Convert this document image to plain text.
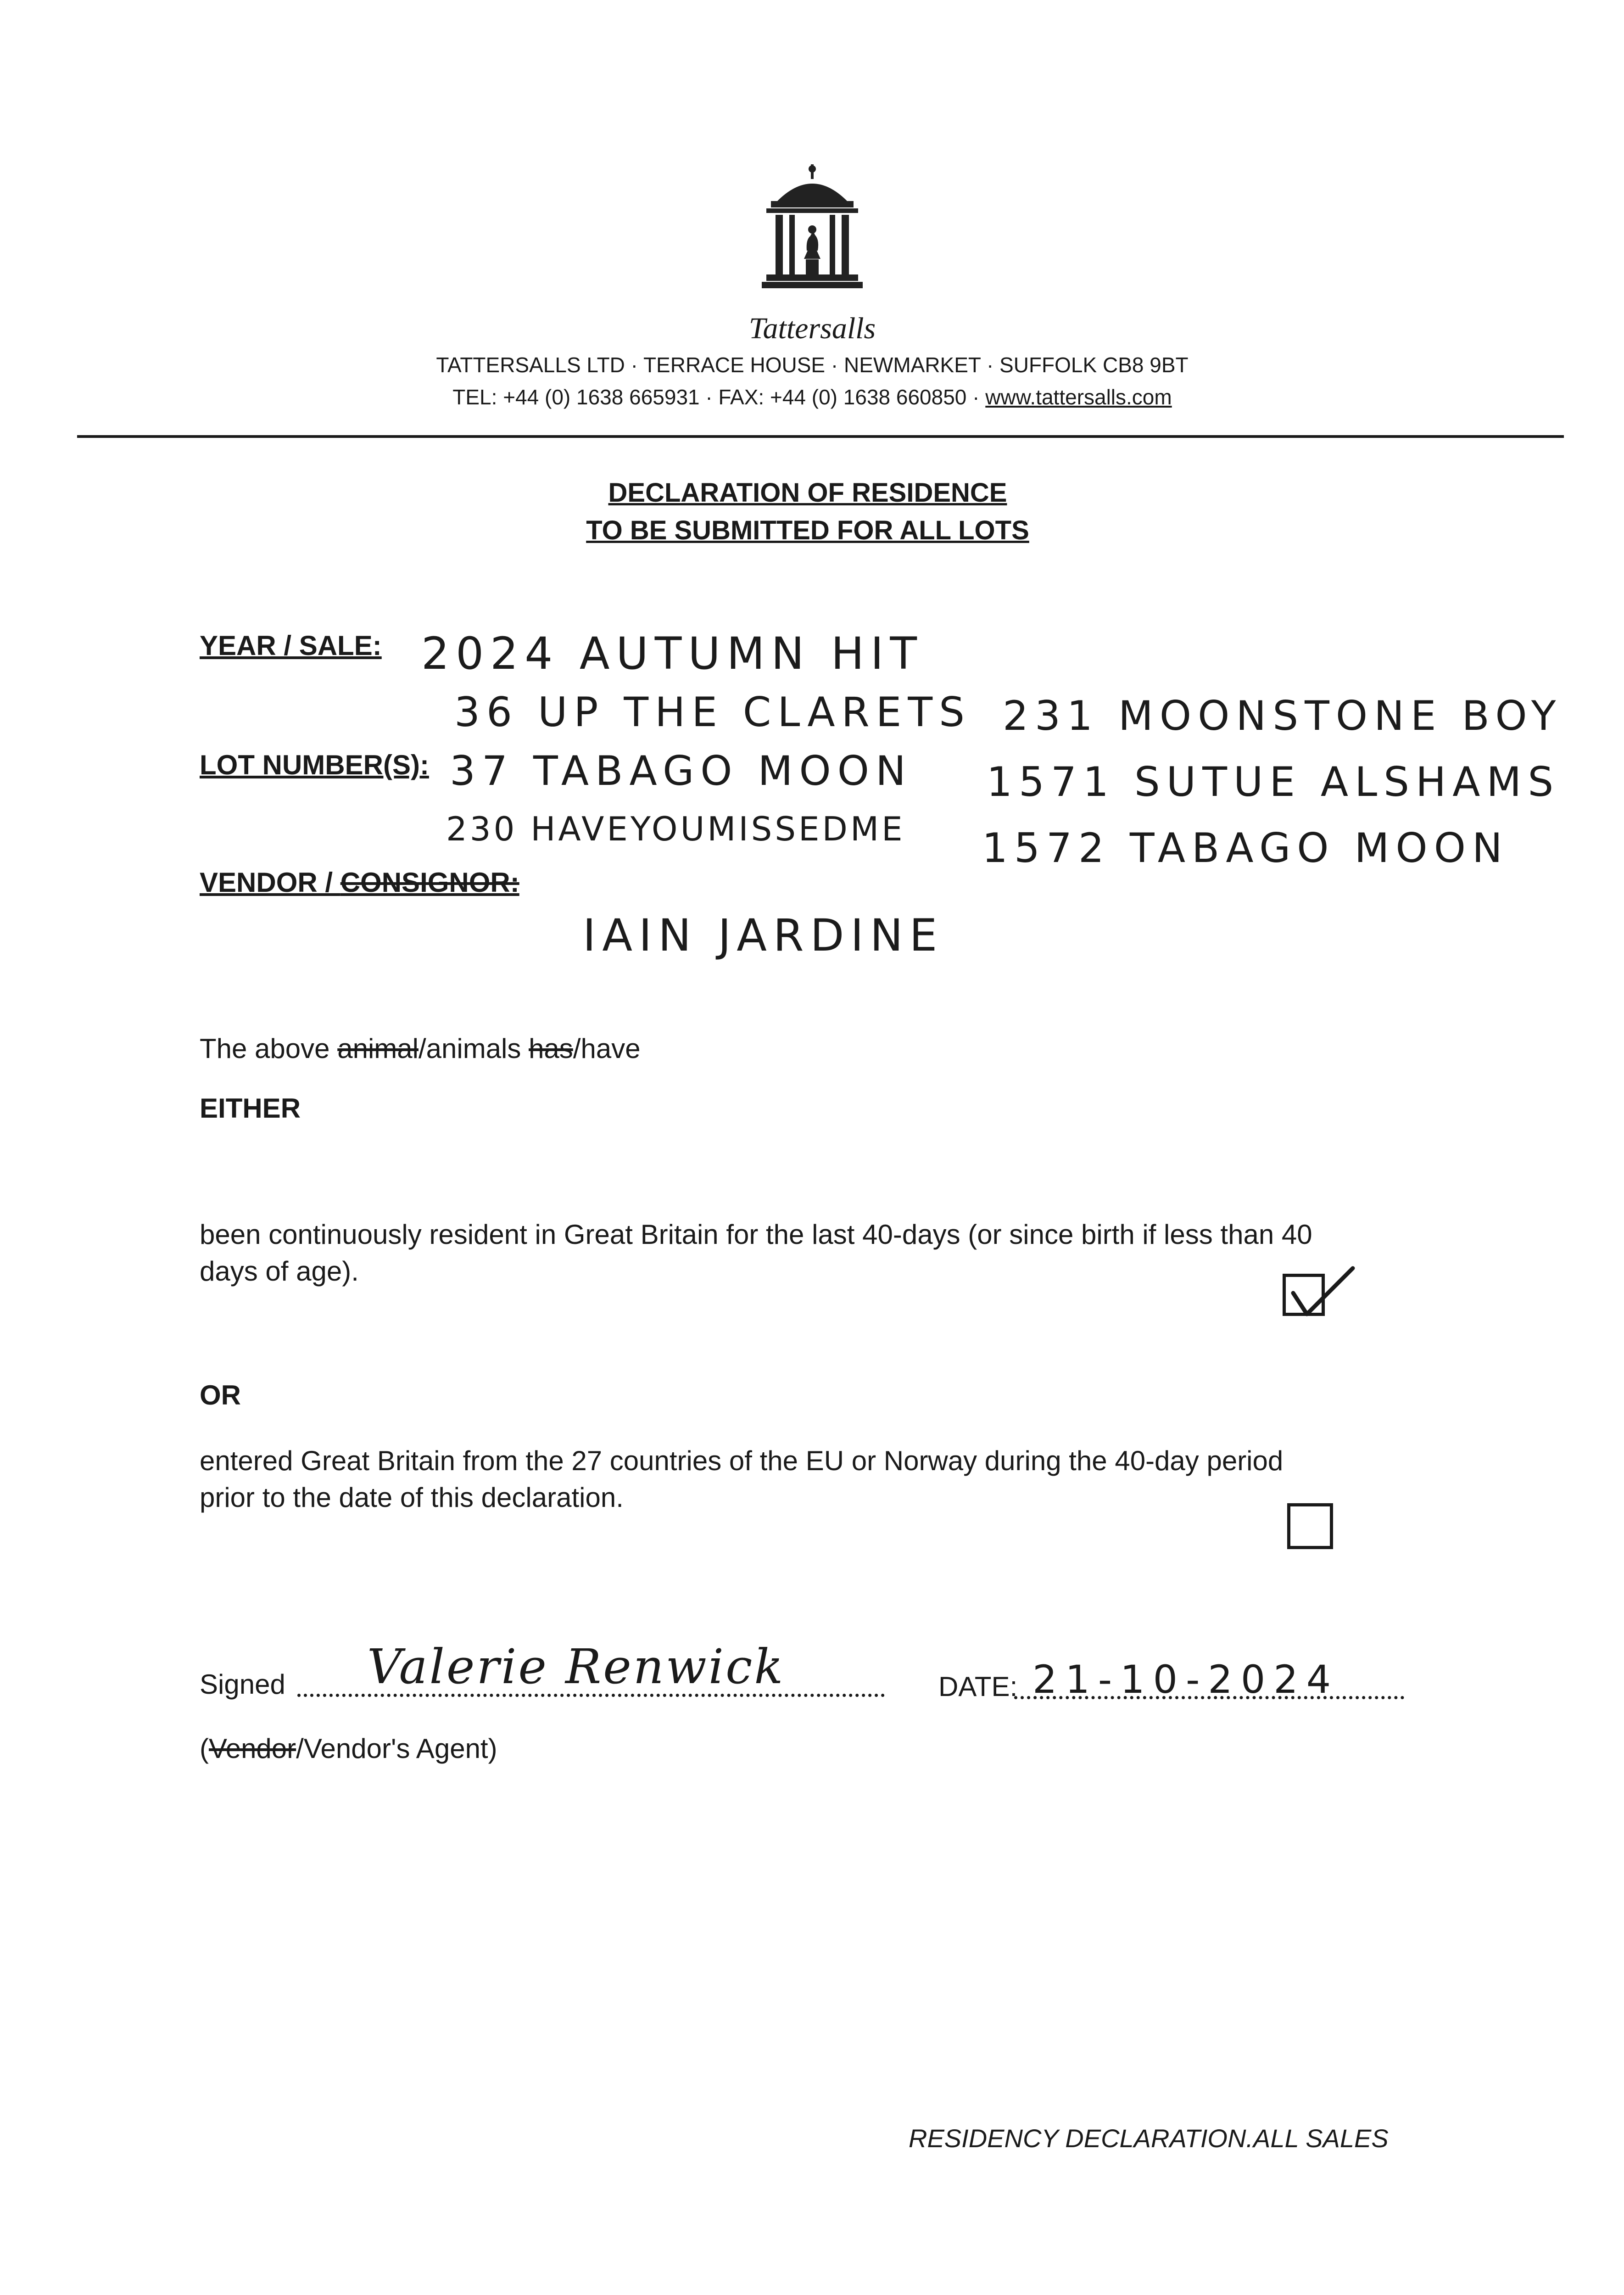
Tattersalls
TATTERSALLS LTD · TERRACE HOUSE · NEWMARKET · SUFFOLK CB8 9BT
TEL: +44 (0) 1638 665931 · FAX: +44 (0) 1638 660850 · www.tattersalls.com
DECLARATION OF RESIDENCE
TO BE SUBMITTED FOR ALL LOTS
YEAR / SALE: 2024 AUTUMN HIT
36 UP THE CLARETS
LOT NUMBER(S): 37 TABAGO MOON
230 HAVEYOUMISSEDME
231 MOONSTONE BOY
1571 SUTUE ALSHAMS
1572 TABAGO MOON
VENDOR / CONSIGNOR:
IAIN JARDINE
The above animal/animals has/have
EITHER
been continuously resident in Great Britain for the last 40-days (or since birth if less than 40
days of age).
OR
entered Great Britain from the 27 countries of the EU or Norway during the 40-day period
prior to the date of this declaration.
Signed Valerie Renwick	DATE: 21-10-2024
(Vendor/Vendor's Agent)
RESIDENCY DECLARATION.ALL SALES
